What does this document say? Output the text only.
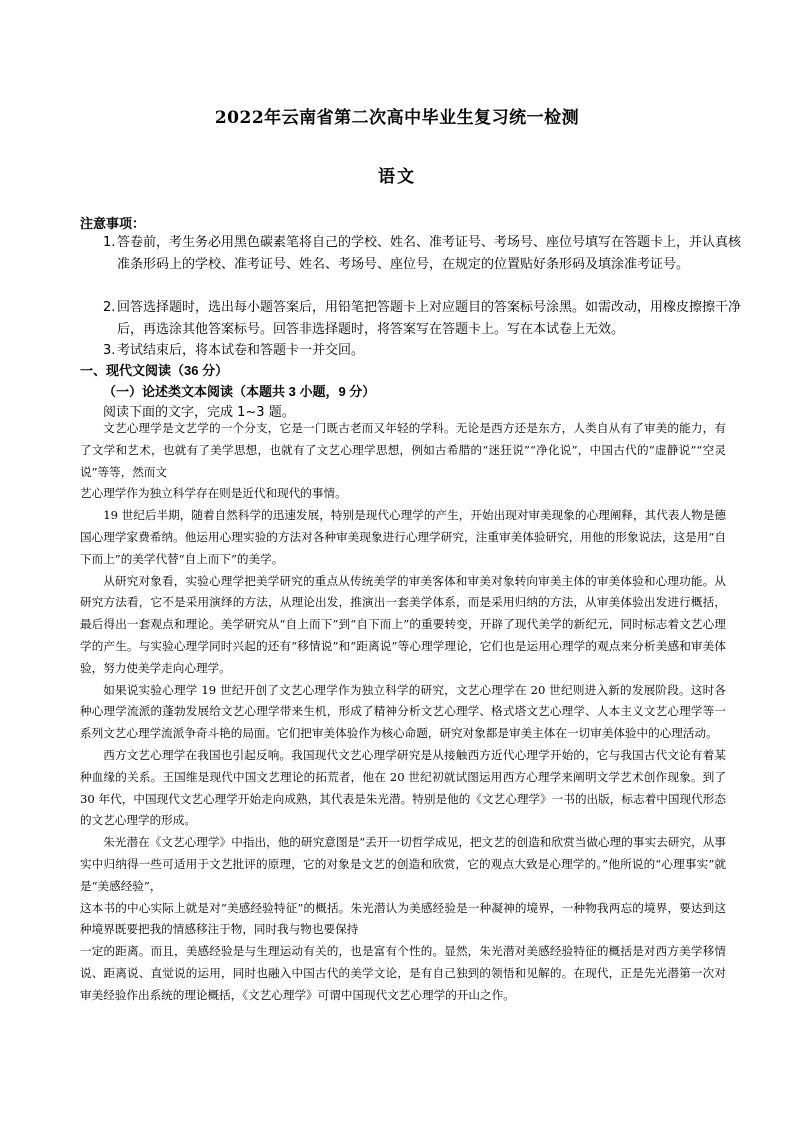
2022年云南省第二次高中毕业生复习统一检测
语文
注意事项：
1. 答卷前，考生务必用黑色碳素笔将自己的学校、姓名、准考证号、考场号、座位号填写在答题卡上，并认真核准条形码上的学校、准考证号、姓名、考场号、座位号，在规定的位置贴好条形码及填涂准考证号。
2. 回答选择题时，选出每小题答案后，用铅笔把答题卡上对应题目的答案标号涂黑。如需改动，用橡皮擦擦干净后，再选涂其他答案标号。回答非选择题时，将答案写在答题卡上。写在本试卷上无效。
3. 考试结束后，将本试卷和答题卡一并交回。
一、现代文阅读（36 分）
（一）论述类文本阅读（本题共 3 小题，9 分）
阅读下面的文字，完成 1~3 题。

文艺心理学是文艺学的一个分支，它是一门既古老而又年轻的学科。无论是西方还是东方，人类自从有了审美的能力，有了文学和艺术，也就有了美学思想，也就有了文艺心理学思想，例如古希腊的“迷狂说”“净化说”，中国古代的“虚静说”“空灵说”等等，然而文

艺心理学作为独立科学存在则是近代和现代的事情。

19 世纪后半期，随着自然科学的迅速发展，特别是现代心理学的产生，开始出现对审美现象的心理阐释，其代表人物是德国心理学家费希纳。他运用心理实验的方法对各种审美现象进行心理学研究，注重审美体验研究，用他的形象说法，这是用“自下而上”的美学代替“自上而下”的美学。

从研究对象看，实验心理学把美学研究的重点从传统美学的审美客体和审美对象转向审美主体的审美体验和心理功能。从研究方法看，它不是采用演绎的方法，从理论出发，推演出一套美学体系，而是采用归纳的方法，从审美体验出发进行概括，最后得出一套观点和理论。美学研究从“自上而下”到“自下而上”的重要转变，开辟了现代美学的新纪元，同时标志着文艺心理学的产生。与实验心理学同时兴起的还有“移情说”和“距离说”等心理学理论，它们也是运用心理学的观点来分析美感和审美体验，努力使美学走向心理学。

如果说实验心理学 19 世纪开创了文艺心理学作为独立科学的研究，文艺心理学在 20 世纪则进入新的发展阶段。这时各种心理学流派的蓬勃发展给文艺心理学带来生机，形成了精神分析文艺心理学、格式塔文艺心理学、人本主义文艺心理学等一系列文艺心理学流派争奇斗艳的局面。它们把审美体验作为核心命题，研究对象都是审美主体在一切审美体验中的心理活动。

西方文艺心理学在我国也引起反响。我国现代文艺心理学研究是从接触西方近代心理学开始的，它与我国古代文论有着某种血缘的关系。王国维是现代中国文艺理论的拓荒者，他在 20 世纪初就试图运用西方心理学来阐明文学艺术创作现象。到了 30 年代，中国现代文艺心理学开始走向成熟，其代表是朱光潜。特别是他的《文艺心理学》一书的出版，标志着中国现代形态的文艺心理学的形成。

朱光潜在《文艺心理学》中指出，他的研究意图是“丢开一切哲学成见，把文艺的创造和欣赏当做心理的事实去研究，从事实中归纳得一些可适用于文艺批评的原理，它的对象是文艺的创造和欣赏，它的观点大致是心理学的。”他所说的“心理事实”就是“美感经验”，

这本书的中心实际上就是对“美感经验特征”的概括。朱光潜认为美感经验是一种凝神的境界，一种物我两忘的境界，要达到这种境界既要把我的情感移注于物，同时我与物也要保持

一定的距离。而且，美感经验是与生理运动有关的，也是富有个性的。显然，朱光潜对美感经验特征的概括是对西方美学移情说、距离说、直觉说的运用，同时也融入中国古代的美学文论，是有自己独到的领悟和见解的。在现代，正是先光潜第一次对审美经验作出系统的理论概括，《文艺心理学》可谓中国现代文艺心理学的开山之作。
